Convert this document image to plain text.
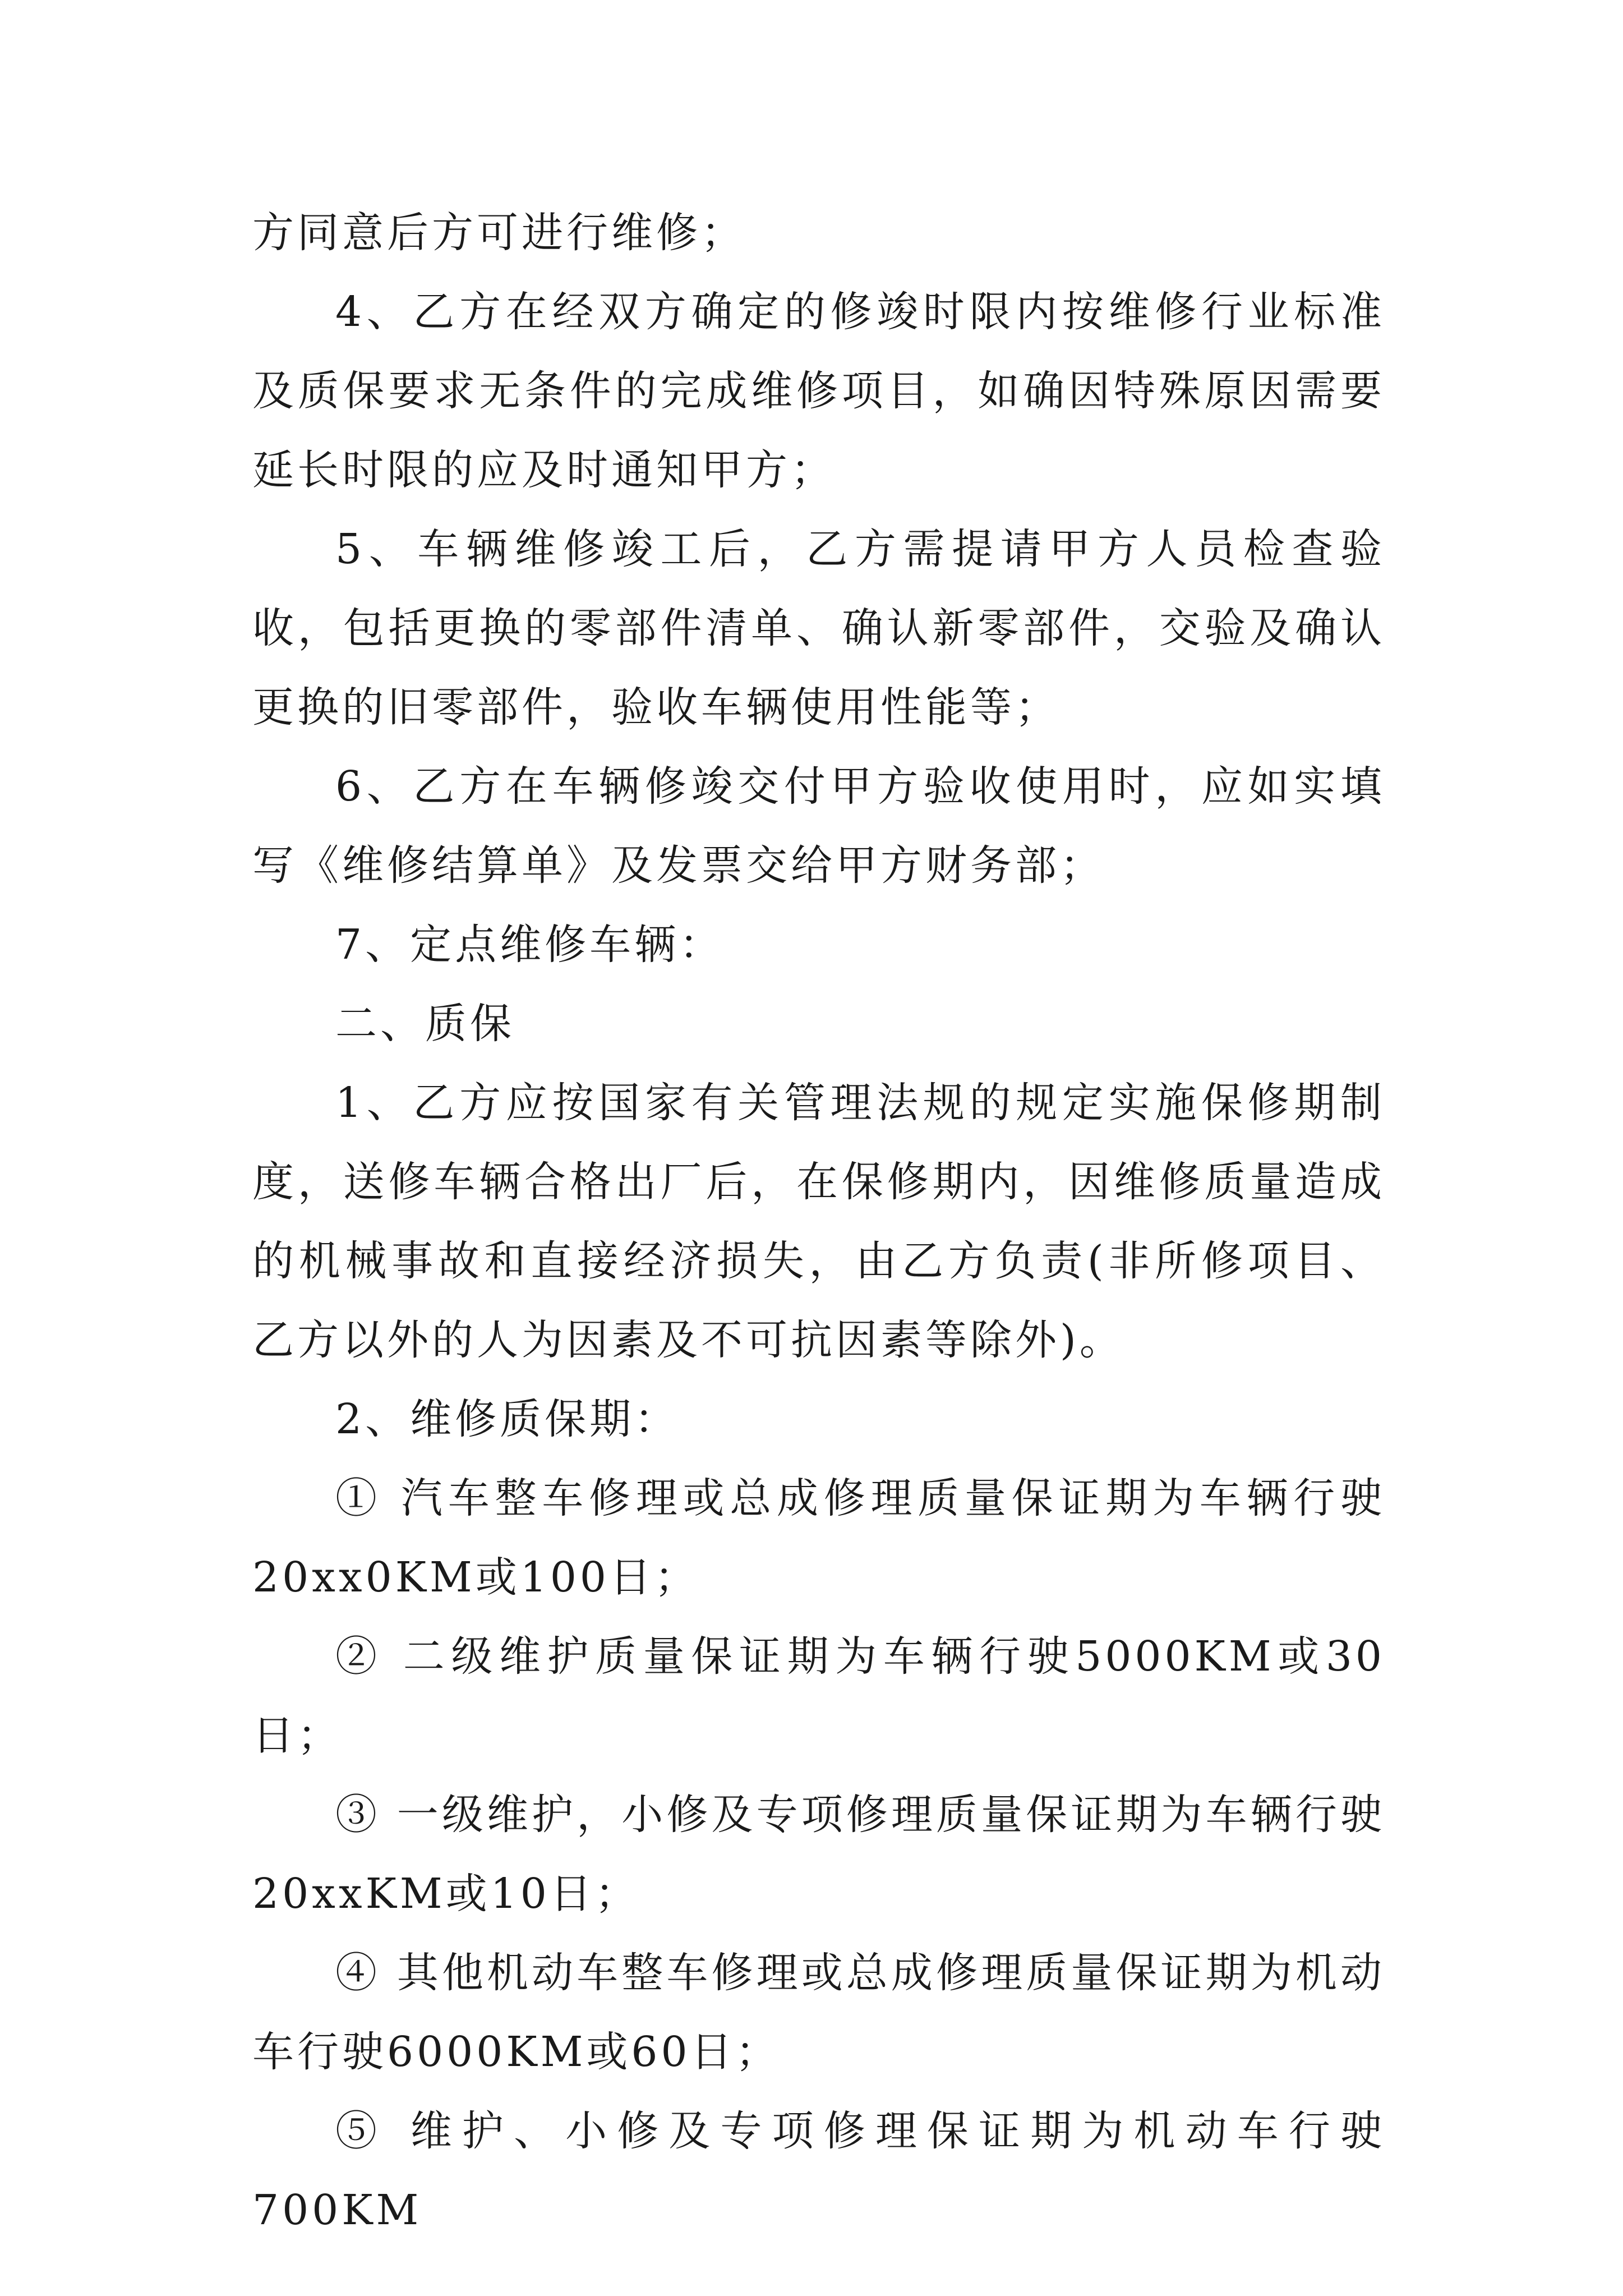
方同意后方可进行维修；

4、乙方在经双方确定的修竣时限内按维修行业标准及质保要求无条件的完成维修项目，如确因特殊原因需要延长时限的应及时通知甲方；

5、车辆维修竣工后，乙方需提请甲方人员检查验收，包括更换的零部件清单、确认新零部件，交验及确认更换的旧零部件，验收车辆使用性能等；

6、乙方在车辆修竣交付甲方验收使用时，应如实填写《维修结算单》及发票交给甲方财务部；

7、定点维修车辆：

二、质保

1、乙方应按国家有关管理法规的规定实施保修期制度，送修车辆合格出厂后，在保修期内，因维修质量造成的机械事故和直接经济损失，由乙方负责(非所修项目、乙方以外的人为因素及不可抗因素等除外)。

2、维修质保期：

① 汽车整车修理或总成修理质量保证期为车辆行驶20xx0KM或100日；

② 二级维护质量保证期为车辆行驶5000KM或30日；

③ 一级维护，小修及专项修理质量保证期为车辆行驶20xxKM或10日；

④ 其他机动车整车修理或总成修理质量保证期为机动车行驶6000KM或60日；

⑤ 维护、小修及专项修理保证期为机动车行驶700KM
